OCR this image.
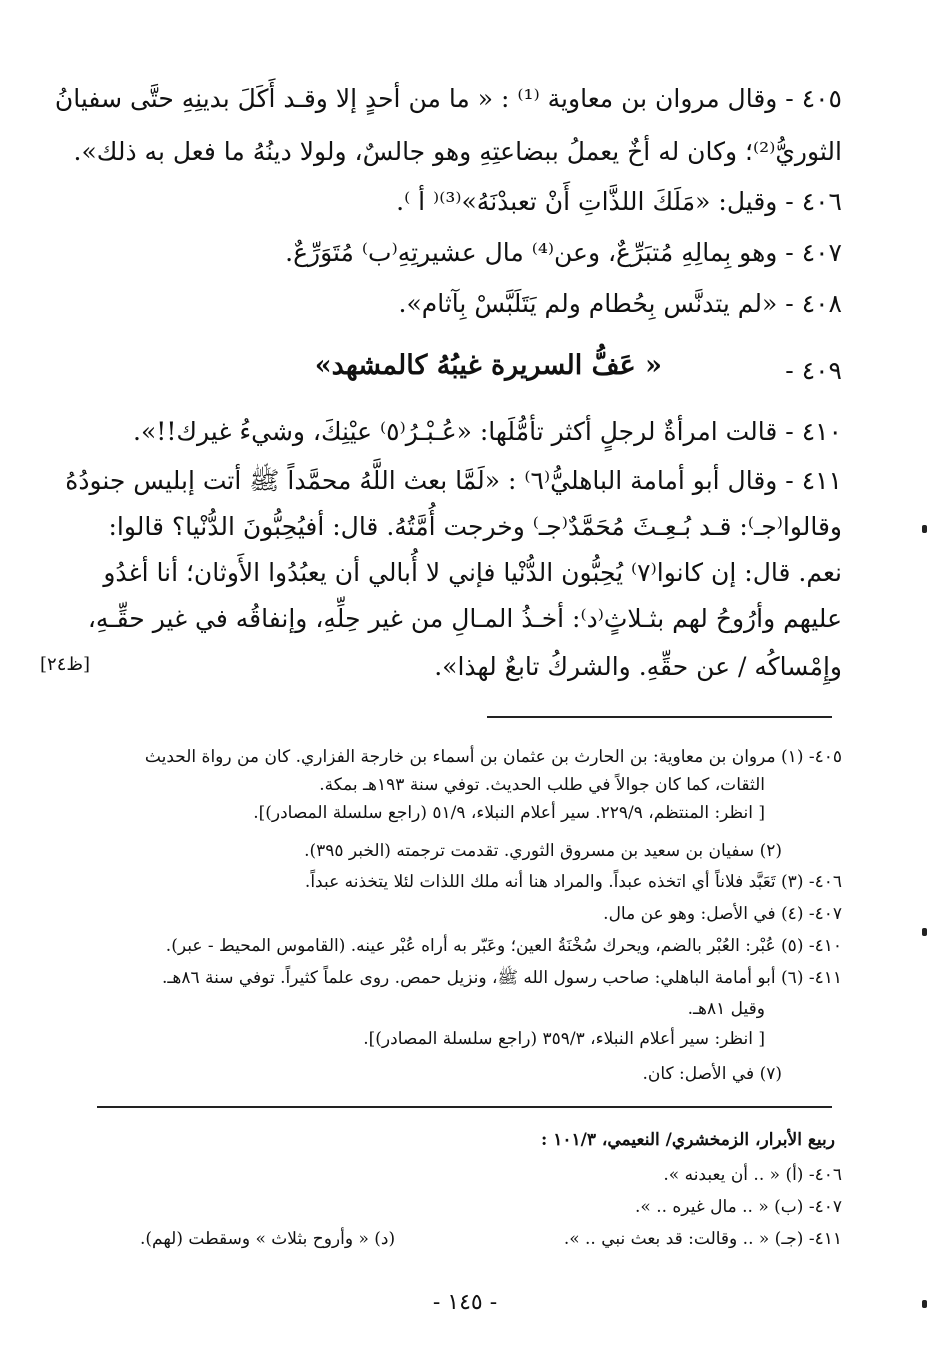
٤٠٥ - وقال مروان بن معاوية ⁽¹⁾ : « ما من أحدٍ إلا وقـد أَكَلَ بدينِهِ حتَّى سفيانُ
الثوريُّ⁽²⁾؛ وكان له أخٌ يعملُ ببضاعتِهِ وهو جالسٌ، ولولا دينُهُ ما فعل به ذلك».
٤٠٦ - وقيل: «مَلَكَ اللذَّاتِ أَنْ تعبدْنَهُ»⁽³⁾⁽ أ ⁾.
٤٠٧ - وهو بِمالِهِ مُتبَرِّعٌ، وعن⁽⁴⁾ مال عشيرتِهِ⁽ب⁾ مُتَوَرِّعٌ.
٤٠٨ - «لم يتدنَّس بِحُطام ولم يَتَلَبَّسْ بِآثام».
٤٠٩ -
« عَفُّ السريرة غيبُهُ كالمشهد»
٤١٠ - قالت امرأةٌ لرجلٍ أكثر تأمُّلَها: «عُـبْـرُ⁽٥⁾ عيْنِكَ، وشيءُ غيرك!!».
٤١١ - وقال أبو أمامة الباهليُّ⁽٦⁾ : «لَمَّا بعث اللَّهُ محمَّداً ﷺ أتت إبليس جنودُهُ
وقالوا⁽جـ⁾: قـد بُـعِـثَ مُحَمَّدٌ⁽جـ⁾ وخرجت أُمَّتُهُ. قال: أفيُحِبُّونَ الدُّنْيا؟ قالوا:
نعم. قال: إن كانوا⁽٧⁾ يُحِبُّون الدُّنْيا فإني لا أُبالي أن يعبُدُوا الأَوثان؛ أنا أغدُو
عليهم وأرُوحُ لهم بثـلاثٍ⁽د⁾: أخـذُ المـالِ من غير حِلِّهِ، وإنفاقُه في غير حقِّـهِ،
وإِمْساكُه / عن حقِّهِ. والشركُ تابعٌ لهذا».
[ظ٢٤]
٤٠٥- (١) مروان بن معاوية: بن الحارث بن عثمان بن أسماء بن خارجة الفزاري. كان من رواة الحديث
الثقات، كما كان جوالاً في طلب الحديث. توفي سنة ١٩٣هـ بمكة.
[ انظر: المنتظم، ٢٢٩/٩. سير أعلام النبلاء، ٥١/٩ (راجع سلسلة المصادر)].
(٢) سفيان بن سعيد بن مسروق الثوري. تقدمت ترجمته (الخبر ٣٩٥).
٤٠٦- (٣) تَعَبَّد فلاناً أي اتخذه عبداً. والمراد هنا أنه ملك اللذات لئلا يتخذنه عبداً.
٤٠٧- (٤) في الأصل: وهو عن مال.
٤١٠- (٥) عُبْر: العُبْر بالضم، ويحرك سُخْنَةُ العين؛ وعَبّر به أراه عُبْر عينه. (القاموس المحيط - عبر).
٤١١- (٦) أبو أمامة الباهلي: صاحب رسول الله ﷺ، ونزيل حمص. روى علماً كثيراً. توفي سنة ٨٦هـ.
وقيل ٨١هـ.
[ انظر: سير أعلام النبلاء، ٣٥٩/٣ (راجع سلسلة المصادر)].
(٧) في الأصل: كان.
ربيع الأبرار، الزمخشري/ النعيمي، ١٠١/٣ :
٤٠٦- (أ) « .. أن يعبدنه ».
٤٠٧- (ب) « .. مال غيره .. ».
٤١١- (جـ) « .. وقالت: قد بعث نبي .. ».
(د) « وأروح بثلاث » وسقطت (لهم).
- ١٤٥ -
